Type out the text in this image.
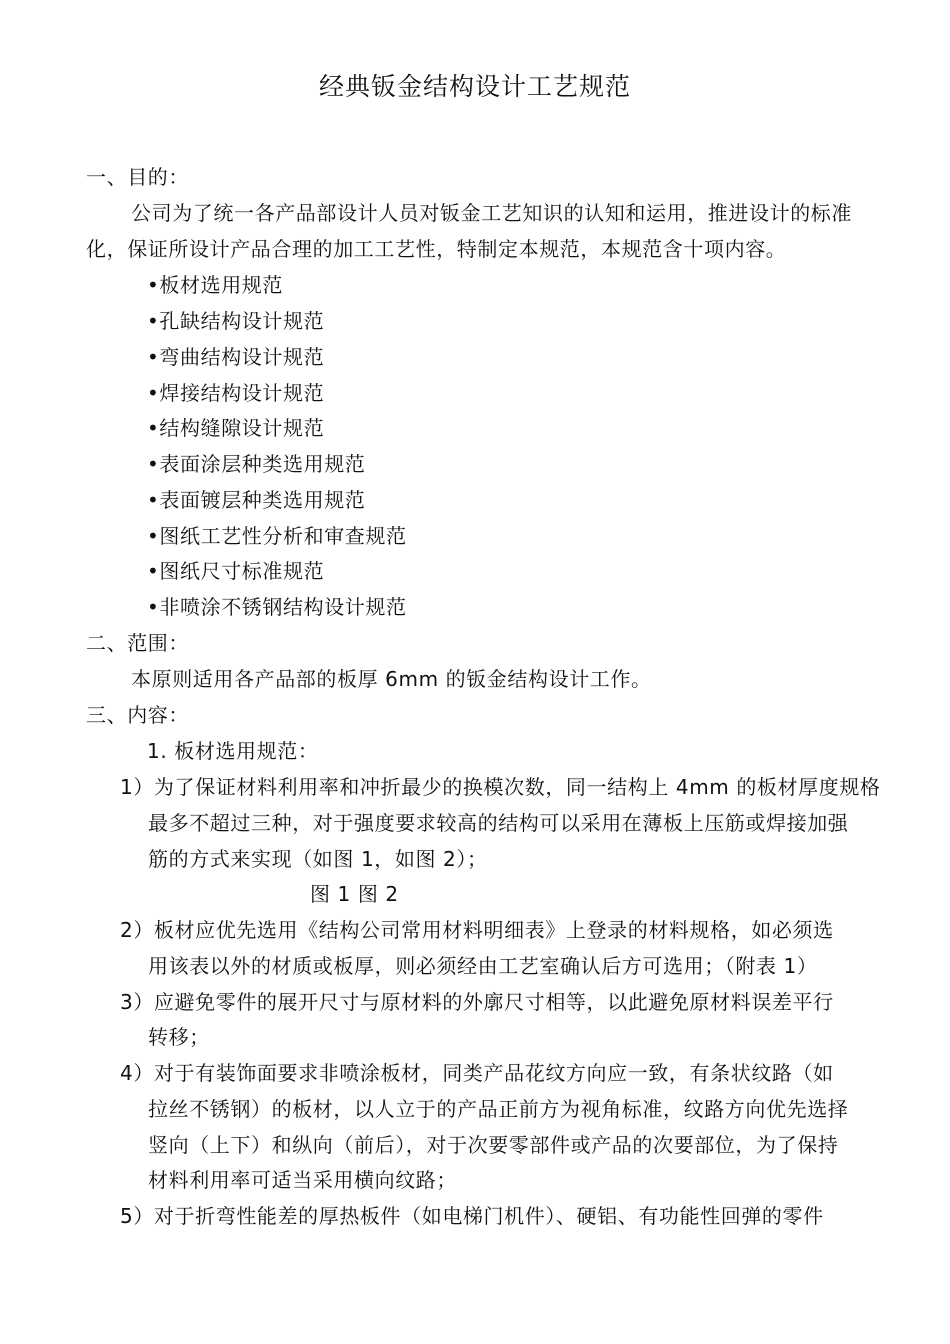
经典钣金结构设计工艺规范
一、目的：
公司为了统一各产品部设计人员对钣金工艺知识的认知和运用，推进设计的标准
化，保证所设计产品合理的加工工艺性，特制定本规范，本规范含十项内容。
•板材选用规范
•孔缺结构设计规范
•弯曲结构设计规范
•焊接结构设计规范
•结构缝隙设计规范
•表面涂层种类选用规范
•表面镀层种类选用规范
•图纸工艺性分析和审查规范
•图纸尺寸标准规范
•非喷涂不锈钢结构设计规范
二、范围：
本原则适用各产品部的板厚 6mm 的钣金结构设计工作。
三、内容：
1. 板材选用规范：
1）为了保证材料利用率和冲折最少的换模次数，同一结构上 4mm 的板材厚度规格
最多不超过三种，对于强度要求较高的结构可以采用在薄板上压筋或焊接加强
筋的方式来实现（如图 1，如图 2）；
图 1 图 2
2）板材应优先选用《结构公司常用材料明细表》上登录的材料规格，如必须选
用该表以外的材质或板厚，则必须经由工艺室确认后方可选用；（附表 1）
3）应避免零件的展开尺寸与原材料的外廓尺寸相等，以此避免原材料误差平行
转移；
4）对于有装饰面要求非喷涂板材，同类产品花纹方向应一致，有条状纹路（如
拉丝不锈钢）的板材，以人立于的产品正前方为视角标准，纹路方向优先选择
竖向（上下）和纵向（前后），对于次要零部件或产品的次要部位，为了保持
材料利用率可适当采用横向纹路；
5）对于折弯性能差的厚热板件（如电梯门机件）、硬铝、有功能性回弹的零件
